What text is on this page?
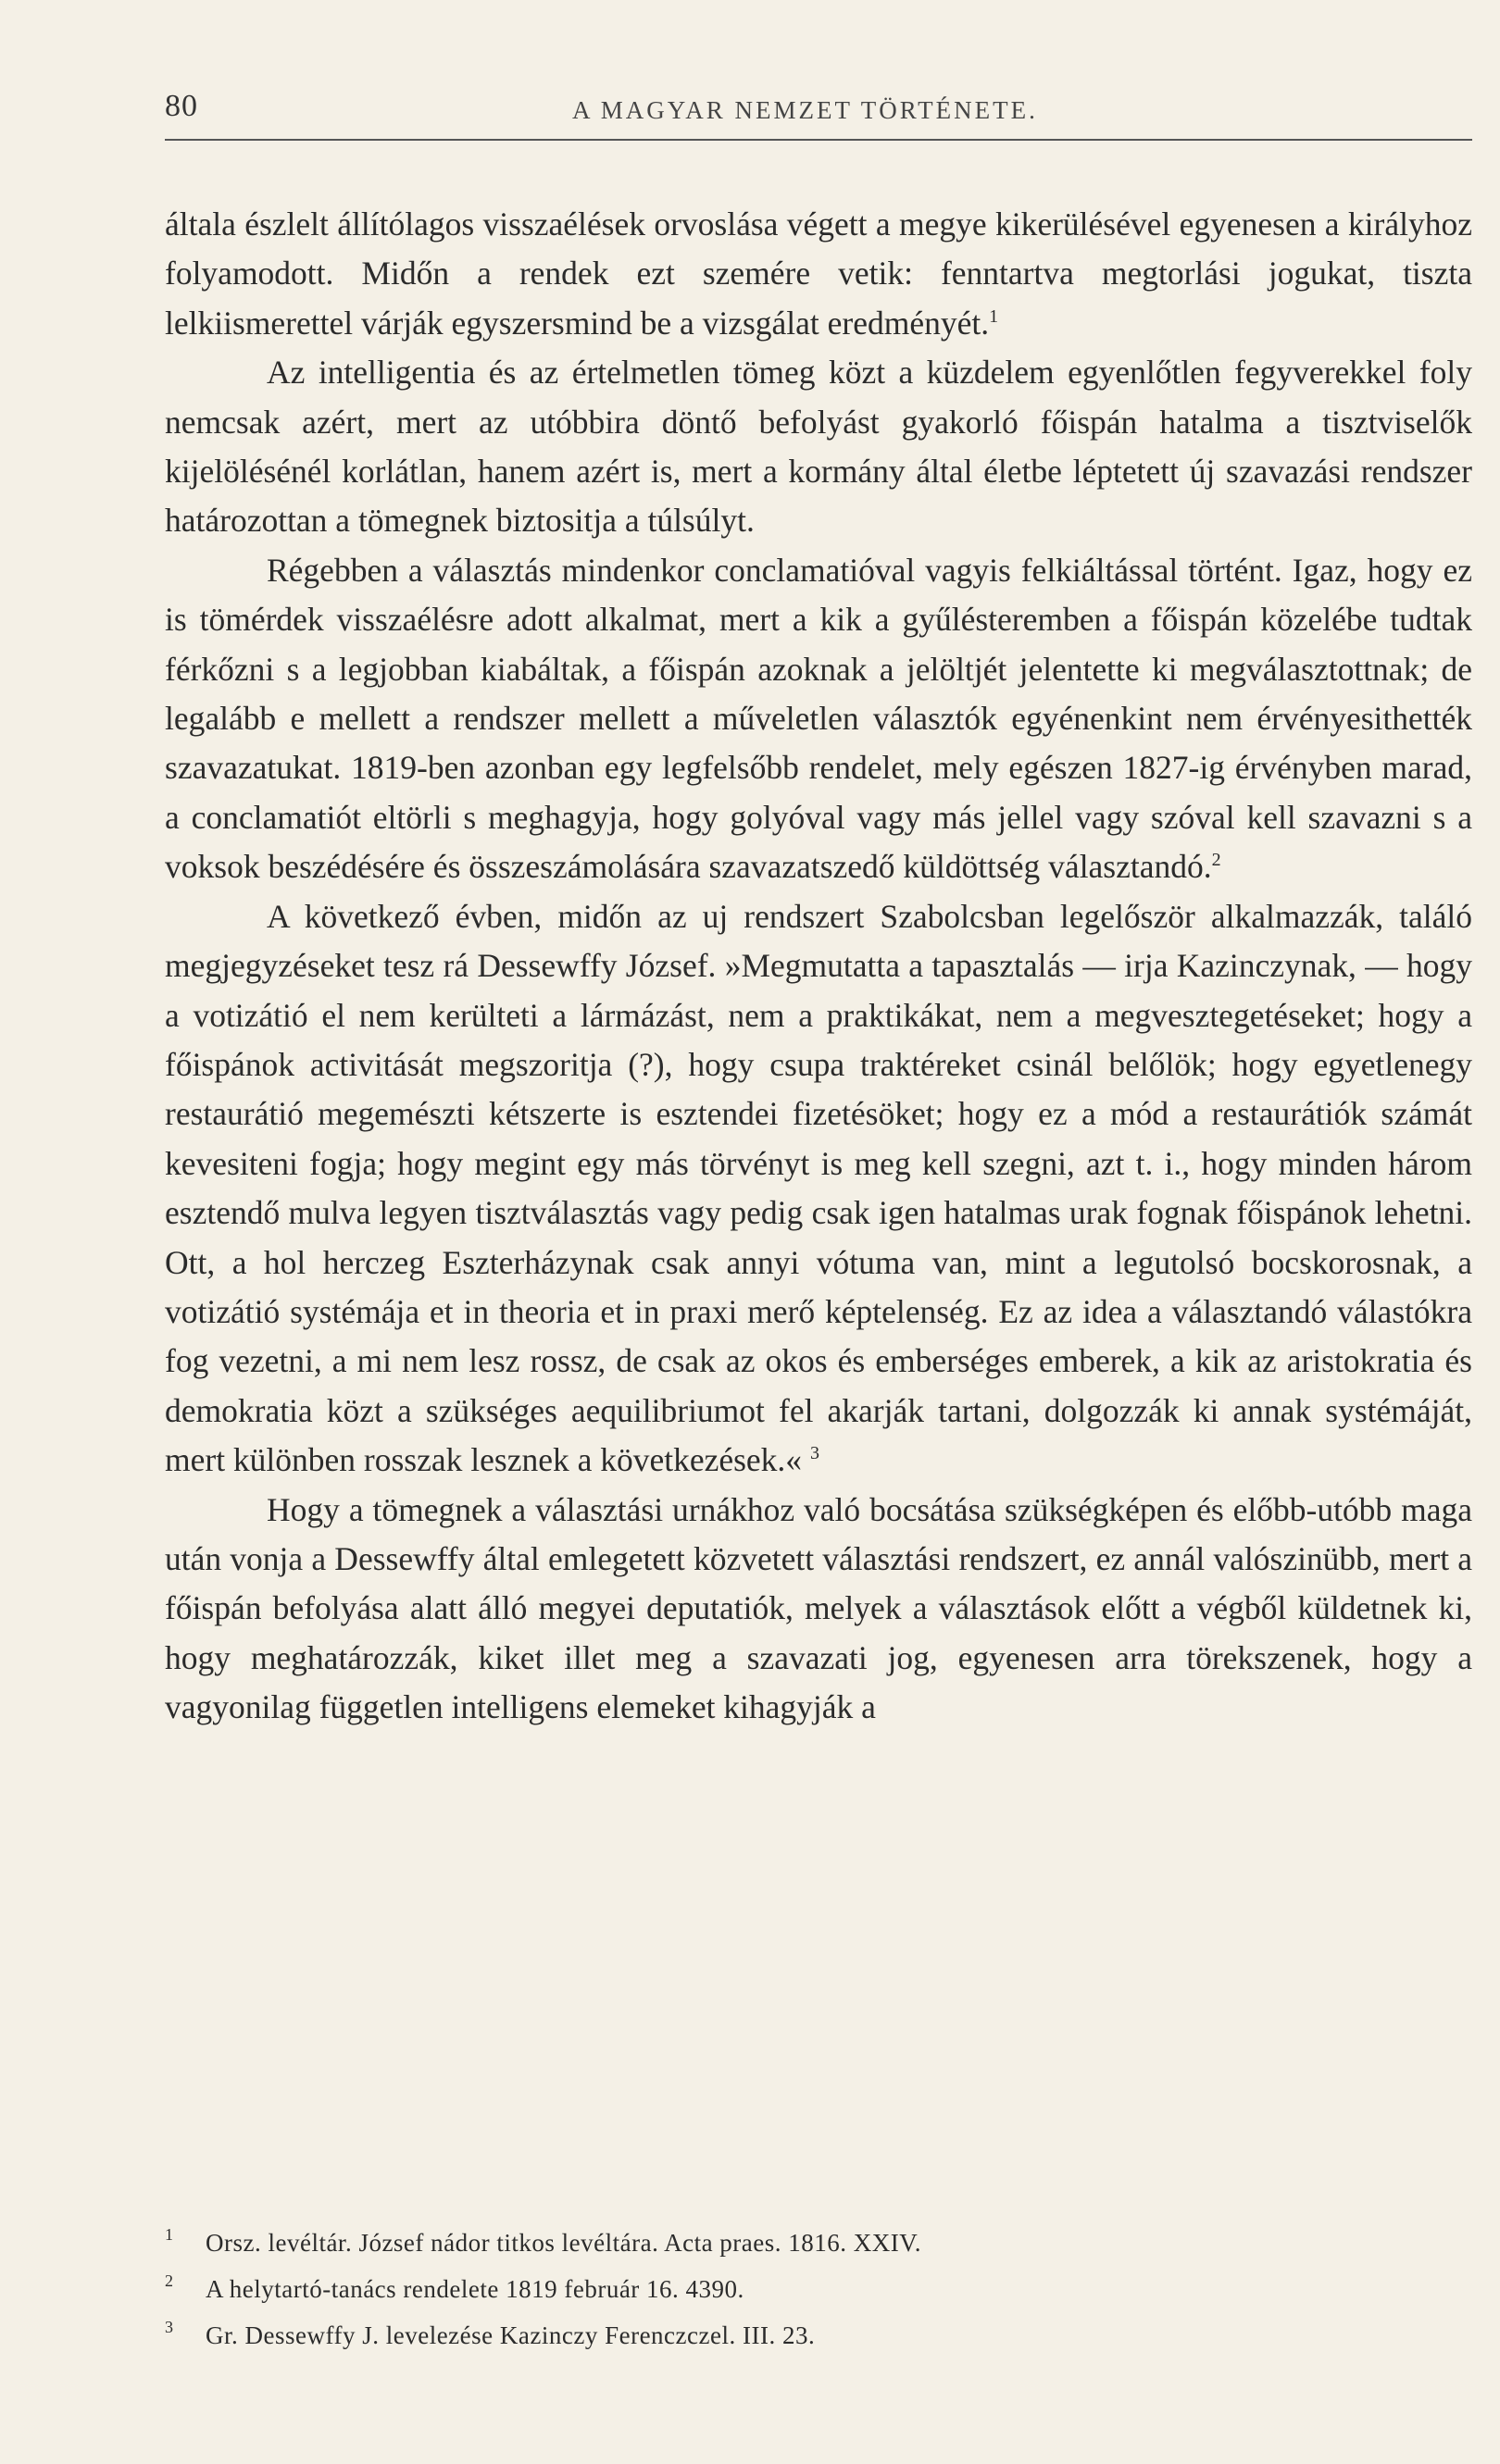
80	A MAGYAR NEMZET TÖRTÉNETE.

általa észlelt állítólagos visszaélések orvoslása végett a megye kikerülésével egyenesen a királyhoz folyamodott. Midőn a rendek ezt szemére vetik: fenntartva megtorlási jogukat, tiszta lelkiismerettel várják egyszersmind be a vizsgálat eredményét.$^1$

Az intelligentia és az értelmetlen tömeg közt a küzdelem egyenlőtlen fegyverekkel foly nemcsak azért, mert az utóbbira döntő befolyást gyakorló főispán hatalma a tisztviselők kijelölésénél korlátlan, hanem azért is, mert a kormány által életbe léptetett új szavazási rendszer határozottan a tömegnek biztositja a túlsúlyt.

Régebben a választás mindenkor conclamatióval vagyis felkiáltással történt. Igaz, hogy ez is tömérdek visszaélésre adott alkalmat, mert a kik a gyűlésteremben a főispán közelébe tudtak férkőzni s a legjobban kiabáltak, a főispán azoknak a jelöltjét jelentette ki megválasztottnak; de legalább e mellett a rendszer mellett a műveletlen választók egyénenkint nem érvényesithették szavazatukat. 1819-ben azonban egy legfelsőbb rendelet, mely egészen 1827-ig érvényben marad, a conclamatiót eltörli s meghagyja, hogy golyóval vagy más jellel vagy szóval kell szavazni s a voksok beszédésére és összeszámolására szavazatszedő küldöttség választandó.$^2$

A következő évben, midőn az uj rendszert Szabolcsban legelőször alkalmazzák, találó megjegyzéseket tesz rá Dessewffy József. »Megmutatta a tapasztalás — irja Kazinczynak, — hogy a votizátió el nem kerülteti a lármázást, nem a praktikákat, nem a megvesztegetéseket; hogy a főispánok activitását megszoritja (?), hogy csupa traktéreket csinál belőlök; hogy egyetlenegy restaurátió megemészti kétszerte is esztendei fizetésöket; hogy ez a mód a restaurátiók számát kevesiteni fogja; hogy megint egy más törvényt is meg kell szegni, azt t. i., hogy minden három esztendő mulva legyen tisztválasztás vagy pedig csak igen hatalmas urak fognak főispánok lehetni. Ott, a hol herczeg Eszterházynak csak annyi vótuma van, mint a legutolsó bocskorosnak, a votizátió systémája et in theoria et in praxi merő képtelenség. Ez az idea a választandó válastókra fog vezetni, a mi nem lesz rossz, de csak az okos és emberséges emberek, a kik az aristokratia és demokratia közt a szükséges aequilibriumot fel akarják tartani, dolgozzák ki annak systémáját, mert különben rosszak lesznek a következések.« $^3$

Hogy a tömegnek a választási urnákhoz való bocsátása szükségképen és előbb-utóbb maga után vonja a Dessewffy által emlegetett közvetett választási rendszert, ez annál valószinübb, mert a főispán befolyása alatt álló megyei deputatiók, melyek a választások előtt a végből küldetnek ki, hogy meghatározzák, kiket illet meg a szavazati jog, egyenesen arra törekszenek, hogy a vagyonilag független intelligens elemeket kihagyják a

1	Orsz. levéltár. József nádor titkos levéltára. Acta praes. 1816. XXIV.
2	A helytartó-tanács rendelete 1819 február 16. 4390.
3	Gr. Dessewffy J. levelezése Kazinczy Ferenczczel. III. 23.
